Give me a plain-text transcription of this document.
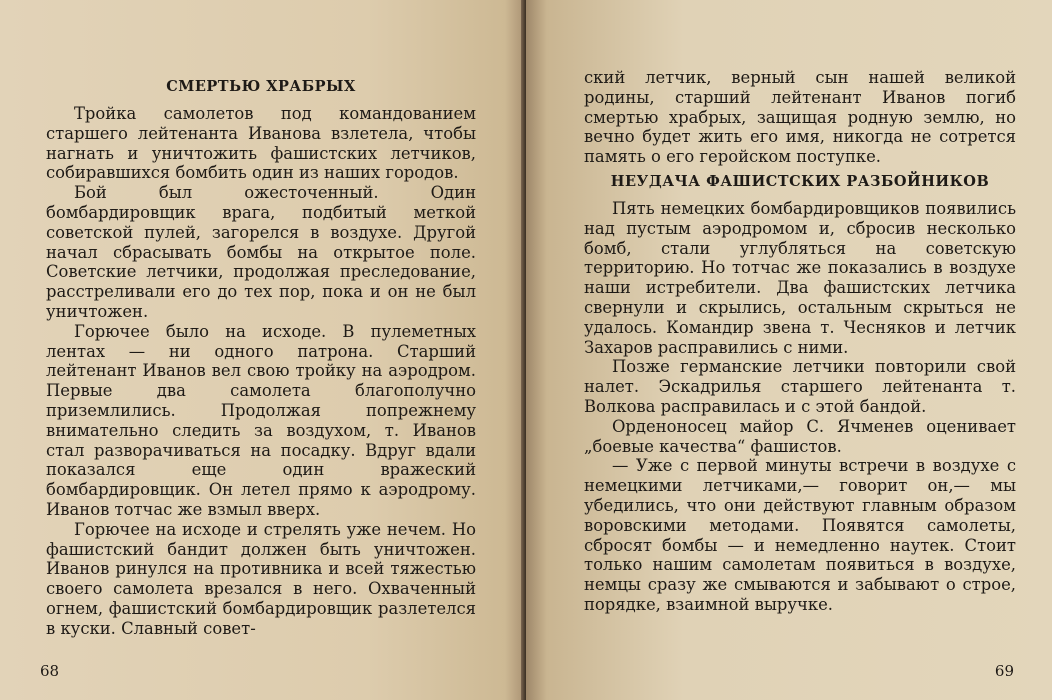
СМЕРТЬЮ ХРАБРЫХ

Тройка самолетов под командованием старшего лейтенанта Иванова взлетела, чтобы нагнать и уничтожить фашистских летчиков, собиравшихся бомбить один из наших городов.

Бой был ожесточенный. Один бомбардировщик врага, подбитый меткой советской пулей, загорелся в воздухе. Другой начал сбрасывать бомбы на открытое поле. Советские летчики, продолжая преследование, расстреливали его до тех пор, пока и он не был уничтожен.

Горючее было на исходе. В пулеметных лентах — ни одного патрона. Старший лейтенант Иванов вел свою тройку на аэродром. Первые два самолета благополучно приземлились. Продолжая попрежнему внимательно следить за воздухом, т. Иванов стал разворачиваться на посадку. Вдруг вдали показался еще один вражеский бомбардировщик. Он летел прямо к аэродрому. Иванов тотчас же взмыл вверх.

Горючее на исходе и стрелять уже нечем. Но фашистский бандит должен быть уничтожен. Иванов ринулся на противника и всей тяжестью своего самолета врезался в него. Охваченный огнем, фашистский бомбардировщик разлетелся в куски. Славный совет-

68

ский летчик, верный сын нашей великой родины, старший лейтенант Иванов погиб смертью храбрых, защищая родную землю, но вечно будет жить его имя, никогда не сотрется память о его геройском поступке.

НЕУДАЧА ФАШИСТСКИХ РАЗБОЙНИКОВ

Пять немецких бомбардировщиков появились над пустым аэродромом и, сбросив несколько бомб, стали углубляться на советскую территорию. Но тотчас же показались в воздухе наши истребители. Два фашистских летчика свернули и скрылись, остальным скрыться не удалось. Командир звена т. Чесняков и летчик Захаров расправились с ними.

Позже германские летчики повторили свой налет. Эскадрилья старшего лейтенанта т. Волкова расправилась и с этой бандой.

Орденоносец майор С. Ячменев оценивает „боевые качества“ фашистов.

— Уже с первой минуты встречи в воздухе с немецкими летчиками,— говорит он,— мы убедились, что они действуют главным образом воровскими методами. Появятся самолеты, сбросят бомбы — и немедленно наутек. Стоит только нашим самолетам появиться в воздухе, немцы сразу же смываются и забывают о строе, порядке, взаимной выручке.

69
